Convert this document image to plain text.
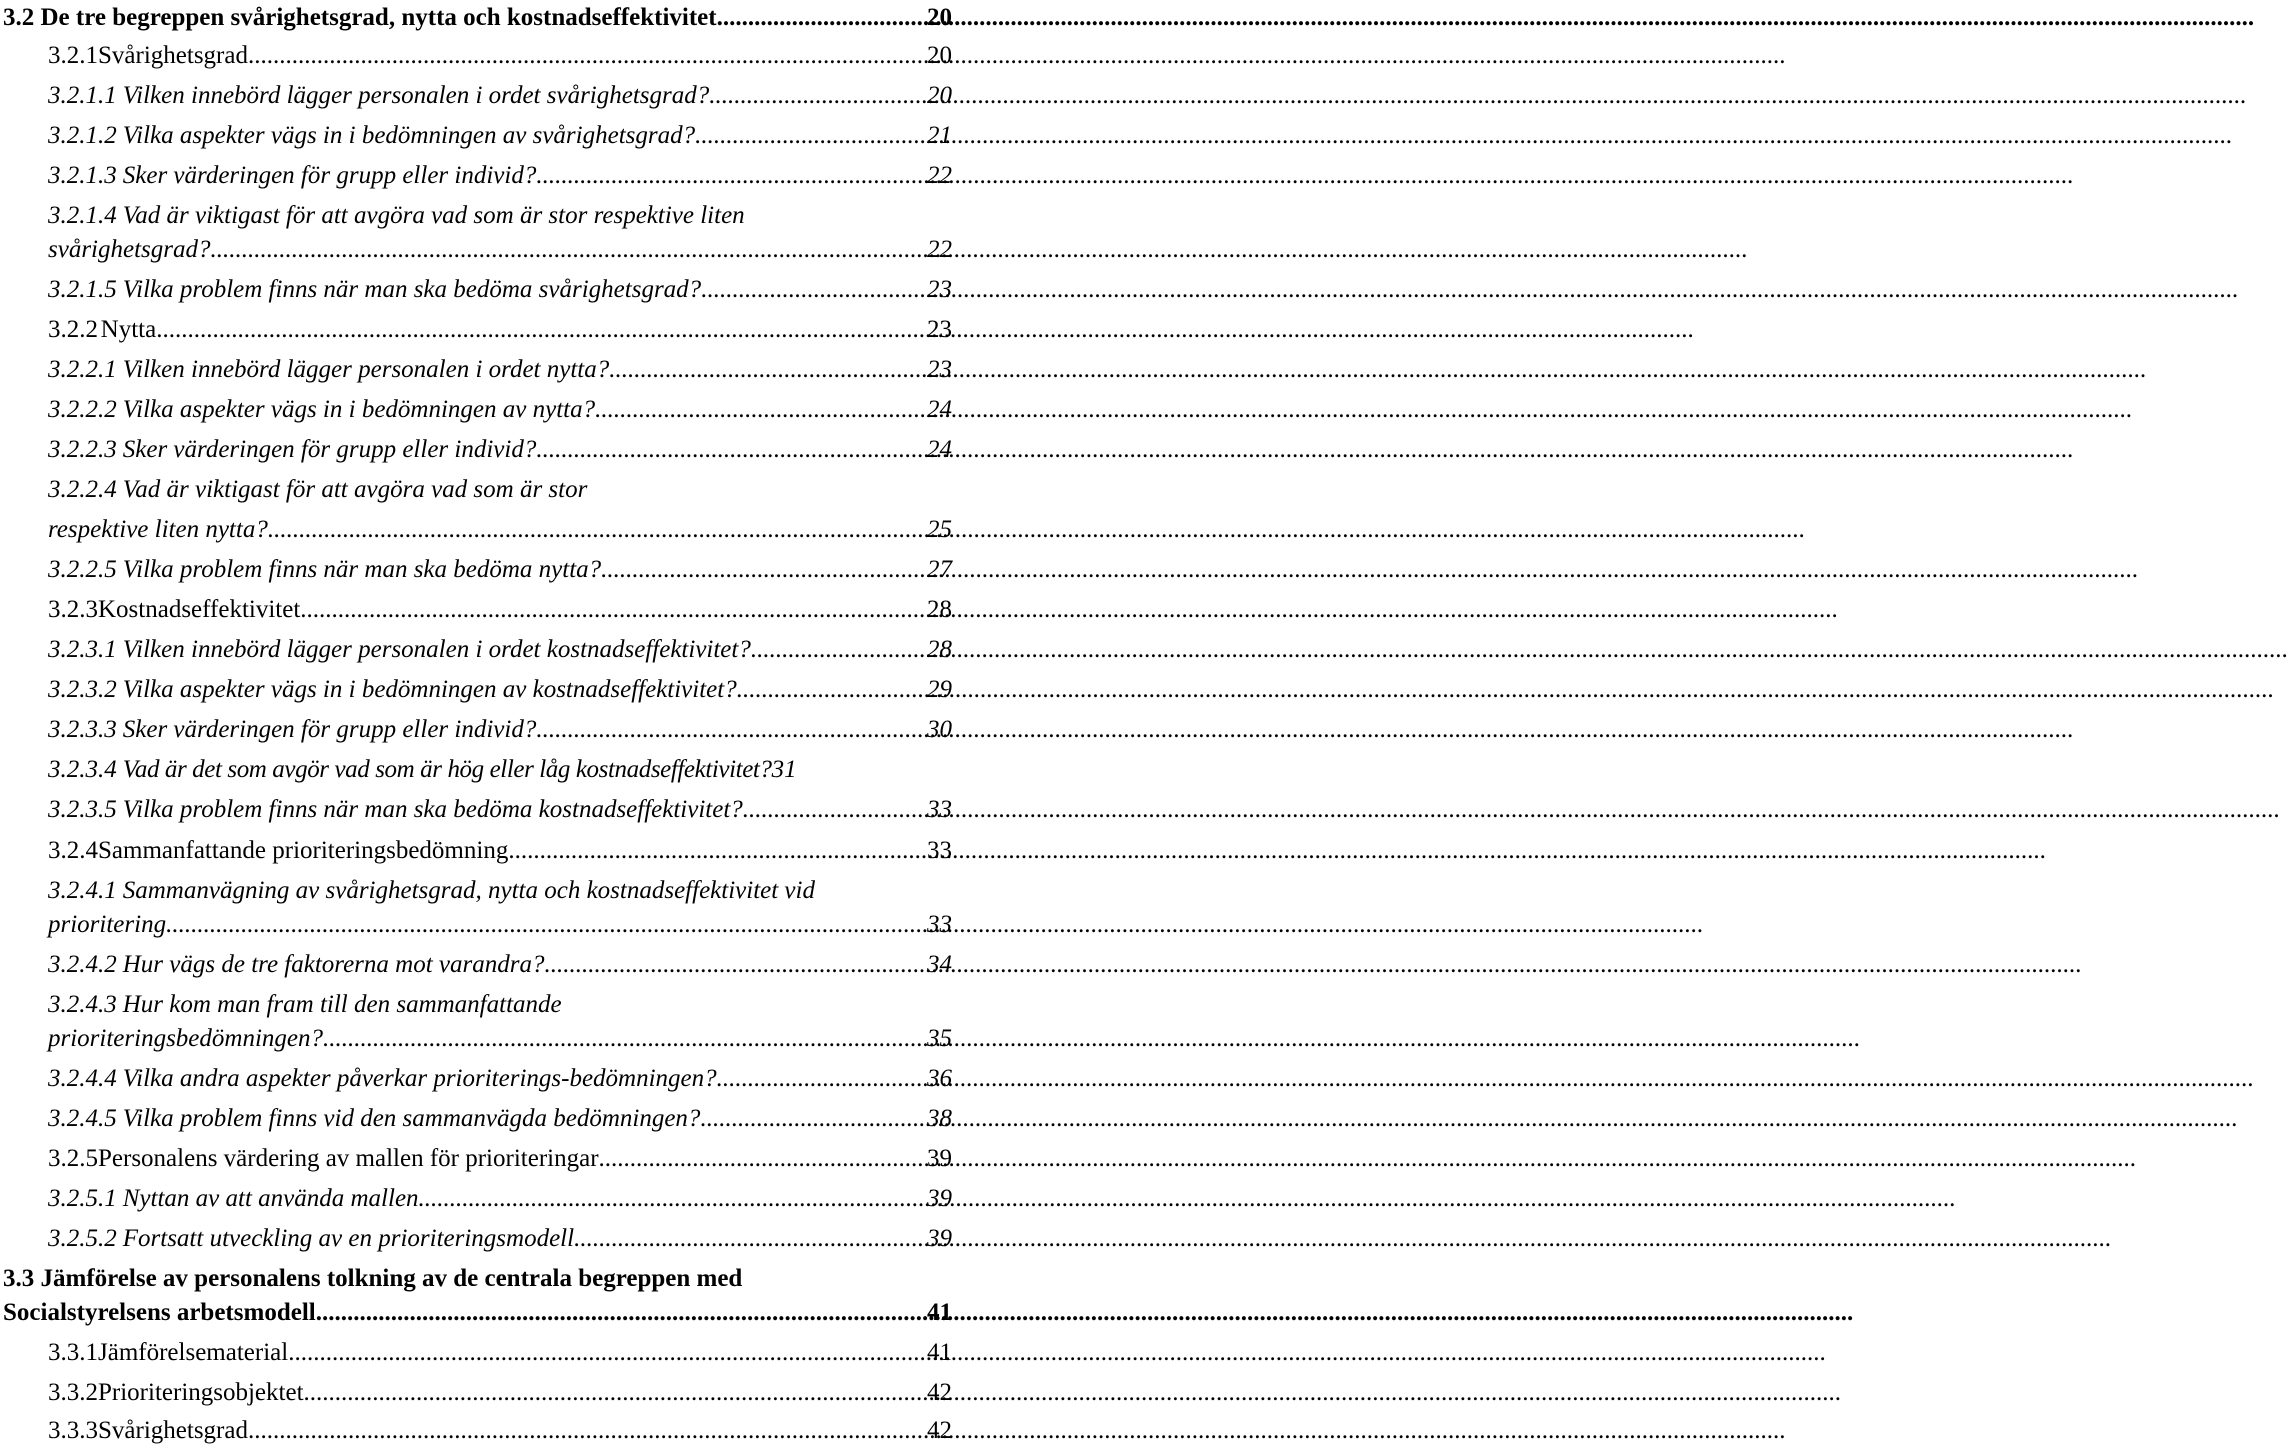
3.2
De tre begreppen svårighetsgrad, nytta och kostnadseffektivitet .....	20
3.2.1 Svårighetsgrad .....	20
3.2.1.1 Vilken innebörd lägger personalen i ordet svårighetsgrad? .....	20
3.2.1.2 Vilka aspekter vägs in i bedömningen av svårighetsgrad? .....	21
3.2.1.3 Sker värderingen för grupp eller individ? .....	22
3.2.1.4 Vad är viktigast för att avgöra vad som är stor respektive liten
svårighetsgrad? .....	22
3.2.1.5 Vilka problem finns när man ska bedöma svårighetsgrad? .....	23
3.2.2 Nytta .....	23
3.2.2.1 Vilken innebörd lägger personalen i ordet nytta? .....	23
3.2.2.2 Vilka aspekter vägs in i bedömningen av nytta? .....	24
3.2.2.3 Sker värderingen för grupp eller individ? .....	24
3.2.2.4 Vad är viktigast för att avgöra vad som är stor
respektive liten nytta? .....	25
3.2.2.5 Vilka problem finns när man ska bedöma nytta? .....	27
3.2.3 Kostnadseffektivitet .....	28
3.2.3.1 Vilken innebörd lägger personalen i ordet kostnadseffektivitet? .....	28
3.2.3.2 Vilka aspekter vägs in i bedömningen av kostnadseffektivitet? .....	29
3.2.3.3 Sker värderingen för grupp eller individ? .....	30
3.2.3.4 Vad är det som avgör vad som är hög eller låg kostnadseffektivitet? 31
3.2.3.5 Vilka problem finns när man ska bedöma kostnadseffektivitet? .....	33
3.2.4 Sammanfattande prioriteringsbedömning .....	33
3.2.4.1 Sammanvägning av svårighetsgrad, nytta och kostnadseffektivitet vid
prioritering .....	33
3.2.4.2 Hur vägs de tre faktorerna mot varandra? .....	34
3.2.4.3 Hur kom man fram till den sammanfattande
prioriteringsbedömningen? .....	35
3.2.4.4 Vilka andra aspekter påverkar prioriterings-bedömningen? .....	36
3.2.4.5 Vilka problem finns vid den sammanvägda bedömningen? .....	38
3.2.5 Personalens värdering av mallen för prioriteringar .....	39
3.2.5.1 Nyttan av att använda mallen .....	39
3.2.5.2 Fortsatt utveckling av en prioriteringsmodell .....	39
3.3
Jämförelse av personalens tolkning av de centrala begreppen med
Socialstyrelsens arbetsmodell .....	41
3.3.1 Jämförelsematerial .....	41
3.3.2 Prioriteringsobjektet .....	42
3.3.3 Svårighetsgrad .....	42
